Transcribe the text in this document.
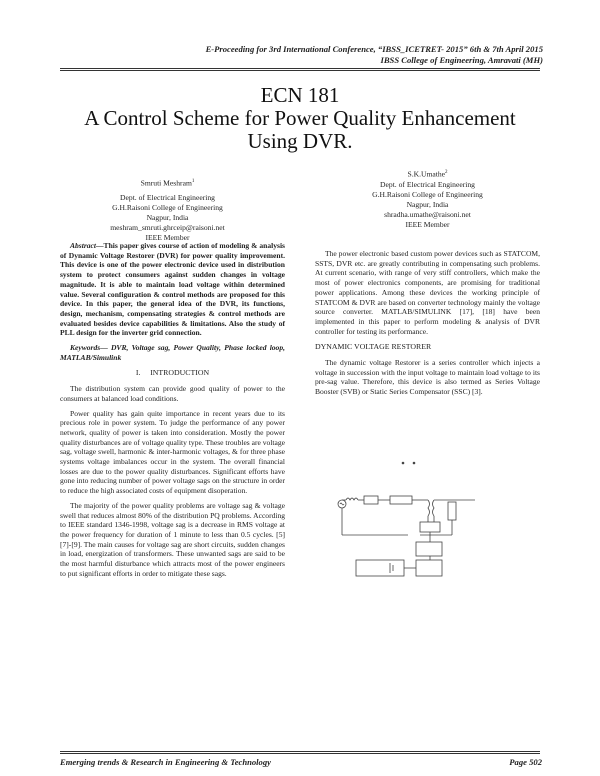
E-Proceeding for 3rd International Conference, “IBSS_ICETRET- 2015” 6th & 7th April 2015
IBSS College of Engineering, Amravati (MH)
ECN 181
A Control Scheme for Power Quality Enhancement
Using DVR.
Smruti Meshram$^1$
Dept. of Electrical Engineering
G.H.Raisoni College of Engineering
Nagpur, India
meshram_smruti.ghrceip@raisoni.net
IEEE Member
S.K.Umathe$^2$
Dept. of Electrical Engineering
G.H.Raisoni College of Engineering
Nagpur, India
shradha.umathe@raisoni.net
IEEE Member

Abstract—This paper gives course of action of modeling & analysis of Dynamic Voltage Restorer (DVR) for power quality improvement. This device is one of the power electronic device used in distribution system to protect consumers against sudden changes in voltage magnitude. It is able to maintain load voltage within determined value. Several configuration & control methods are proposed for this device. In this paper, the general idea of the DVR, its functions, design, mechanism, compensating strategies & control methods are evaluated besides device capabilities & limitations. Also the study of PLL design for the inverter grid connection.

Keywords— DVR, Voltage sag, Power Quality, Phase locked loop, MATLAB/Simulink

I. INTRODUCTION

The distribution system can provide good quality of power to the consumers at balanced load conditions.

Power quality has gain quite importance in recent years due to its precious role in power system. To judge the performance of any power network, quality of power is taken into consideration. Mostly the power quality disturbances are of voltage quality type. These troubles are voltage sag, voltage swell, harmonic & inter-harmonic voltages, & for three phase systems voltage imbalances occur in the system. The overall financial losses are due to the power quality disturbances. Significant efforts have gone into reducing number of power voltage sags on the structure in order to reduce the high associated costs of equipment disoperation.

The majority of the power quality problems are voltage sag & voltage swell that reduces almost 80% of the distribution PQ problems. According to IEEE standard 1346-1998, voltage sag is a decrease in RMS voltage at the power frequency for duration of 1 minute to less than 0.5 cycles. [5][7]-[9]. The main causes for voltage sag are short circuits, sudden changes in load, energization of transformers. These unwanted sags are said to be the most harmful disturbance which attracts most of the power engineers to put significant efforts in order to mitigate these sags.

The power electronic based custom power devices such as STATCOM, SSTS, DVR etc. are greatly contributing in compensating such problems. At current scenario, with range of very stiff controllers, which make the most of power electronics components, are promising for traditional power applications. Among these devices the working principle of STATCOM & DVR are based on converter technology mainly the voltage source converter. MATLAB/SIMULINK [17], [18] have been implemented in this paper to perform modeling & analysis of DVR controller for testing its performance.

DYNAMIC VOLTAGE RESTORER

The dynamic voltage Restorer is a series controller which injects a voltage in succession with the input voltage to maintain load voltage to its pre-sag value. Therefore, this device is also termed as Series Voltage Booster (SVB) or Static Series Compensator (SSC) [3].

Emerging trends & Research in Engineering & Technology	Page 502
